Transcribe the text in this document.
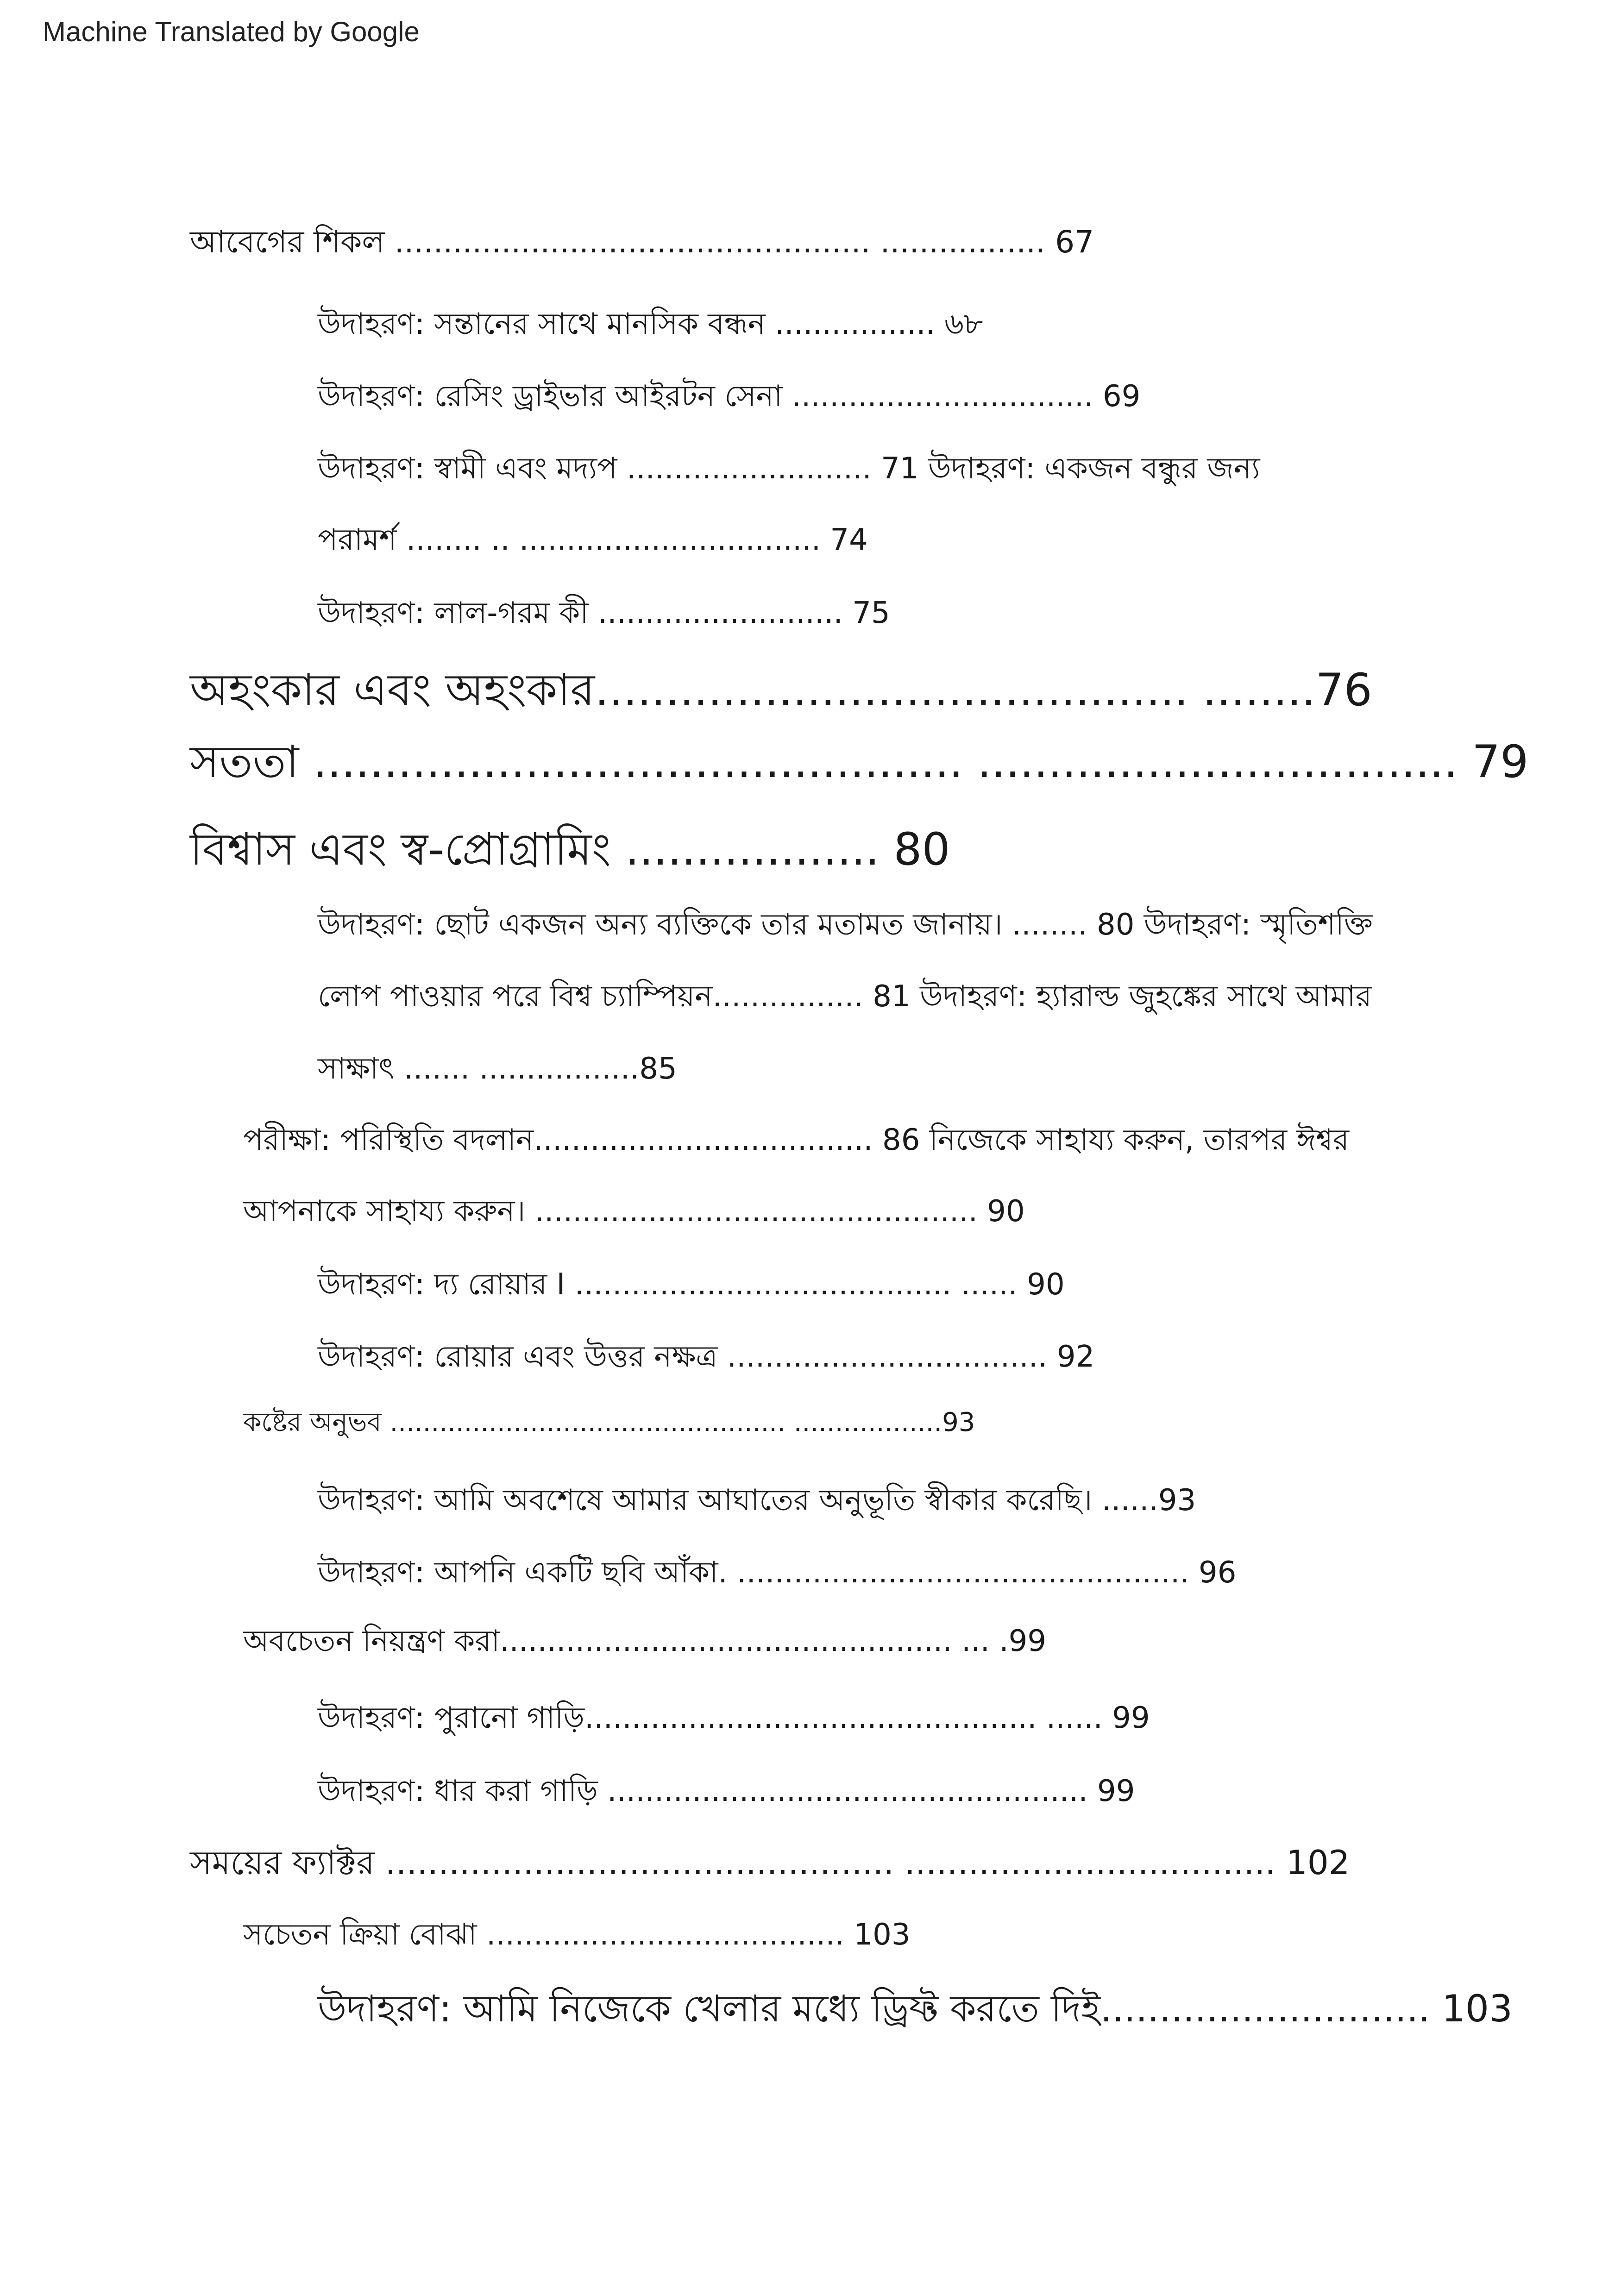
Machine Translated by Google
আবেগের শিকল ................................................. ................. 67
উদাহরণ: সন্তানের সাথে মানসিক বন্ধন ................. ৬৮
উদাহরণ: রেসিং ড্রাইভার আইরটন সেনা ................................ 69
উদাহরণ: স্বামী এবং মদ্যপ .......................... 71 উদাহরণ: একজন বন্ধুর জন্য
পরামর্শ ........ .. ................................ 74
উদাহরণ: লাল-গরম কী .......................... 75
অহংকার এবং অহংকার.......................................... ........76
সততা .............................................. .................................. 79
বিশ্বাস এবং স্ব-প্রোগ্রামিং .................. 80
উদাহরণ: ছোট একজন অন্য ব্যক্তিকে তার মতামত জানায়। ........ 80 উদাহরণ: স্মৃতিশক্তি
লোপ পাওয়ার পরে বিশ্ব চ্যাম্পিয়ন................ 81 উদাহরণ: হ্যারাল্ড জুহঙ্কের সাথে আমার
সাক্ষাৎ ....... .................85
পরীক্ষা: পরিস্থিতি বদলান.................................... 86 নিজেকে সাহায্য করুন, তারপর ঈশ্বর
আপনাকে সাহায্য করুন। ............................................... 90
উদাহরণ: দ্য রোয়ার I ........................................ ...... 90
উদাহরণ: রোয়ার এবং উত্তর নক্ষত্র .................................. 92
কষ্টের অনুভব ................................................ ..................93
উদাহরণ: আমি অবশেষে আমার আঘাতের অনুভূতি স্বীকার করেছি। ......93
উদাহরণ: আপনি একটি ছবি আঁকা. ................................................ 96
অবচেতন নিয়ন্ত্রণ করা................................................ ... .99
উদাহরণ: পুরানো গাড়ি................................................ ...... 99
উদাহরণ: ধার করা গাড়ি ................................................... 99
সময়ের ফ্যাক্টর ................................................ ................................... 102
সচেতন ক্রিয়া বোঝা ...................................... 103
উদাহরণ: আমি নিজেকে খেলার মধ্যে ড্রিফ্ট করতে দিই............................ 103
